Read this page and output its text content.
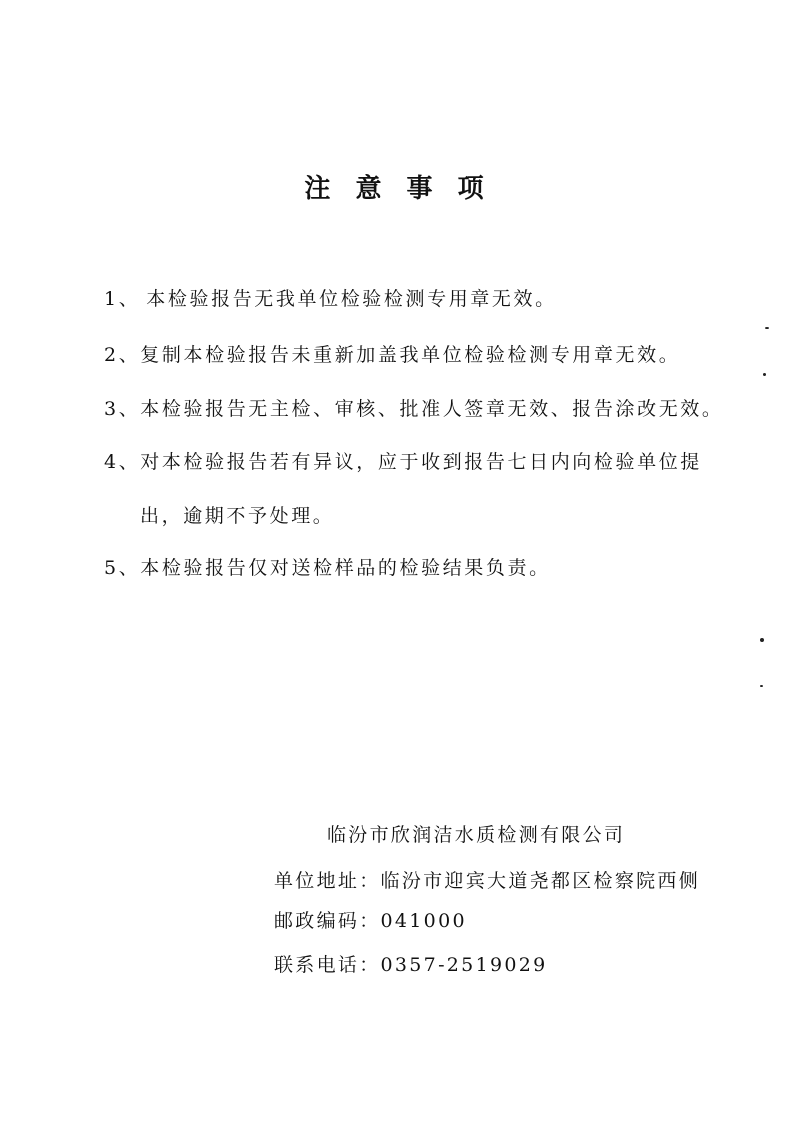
注 意 事 项
1、 本检验报告无我单位检验检测专用章无效。
2、复制本检验报告未重新加盖我单位检验检测专用章无效。
3、本检验报告无主检、审核、批准人签章无效、报告涂改无效。
4、对本检验报告若有异议，应于收到报告七日内向检验单位提
出，逾期不予处理。
5、本检验报告仅对送检样品的检验结果负责。
临汾市欣润洁水质检测有限公司
单位地址：临汾市迎宾大道尧都区检察院西侧
邮政编码：041000
联系电话：0357-2519029
